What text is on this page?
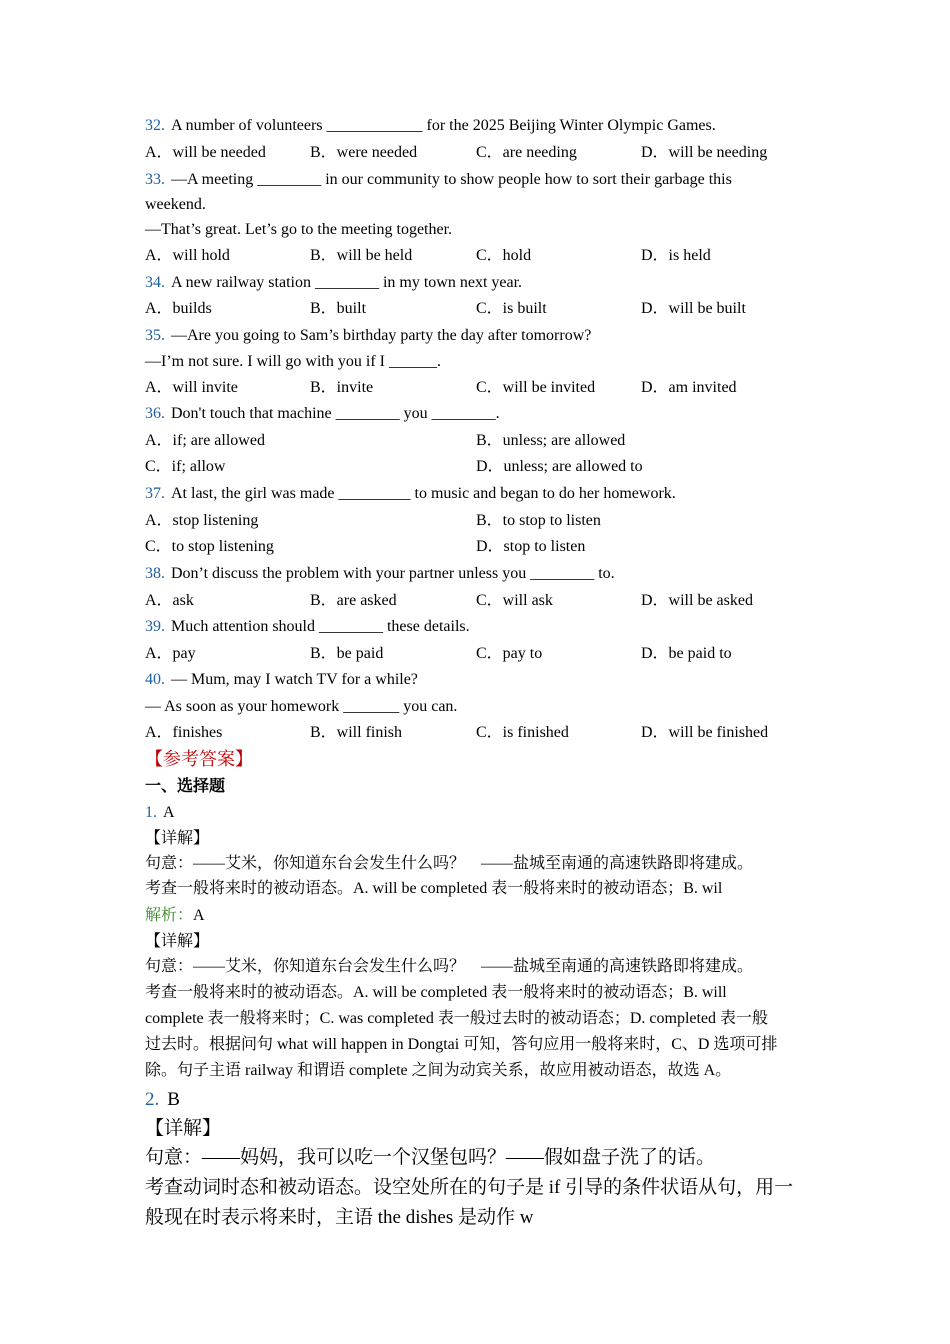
32. A number of volunteers ____________ for the 2025 Beijing Winter Olympic Games.
A．will be needed	B．were needed	C．are needing	D．will be needing
33. —A meeting ________ in our community to show people how to sort their garbage this
weekend.
—That’s great. Let’s go to the meeting together.
A．will hold	B．will be held	C．hold	D．is held
34. A new railway station ________ in my town next year.
A．builds	B．built	C．is built	D．will be built
35. —Are you going to Sam’s birthday party the day after tomorrow?
—I’m not sure. I will go with you if I ______.
A．will invite	B．invite	C．will be invited	D．am invited
36. Don't touch that machine ________ you ________.
A．if; are allowed	B．unless; are allowed
C．if; allow	D．unless; are allowed to
37. At last, the girl was made _________ to music and began to do her homework.
A．stop listening	B．to stop to listen
C．to stop listening	D．stop to listen
38. Don’t discuss the problem with your partner unless you ________ to.
A．ask	B．are asked	C．will ask	D．will be asked
39. Much attention should ________ these details.
A．pay	B．be paid	C．pay to	D．be paid to
40. — Mum, may I watch TV for a while?
— As soon as your homework _______ you can.
A．finishes	B．will finish	C．is finished	D．will be finished
【参考答案】
一、选择题
1. A
【详解】
句意：——艾米，你知道东台会发生什么吗？　——盐城至南通的高速铁路即将建成。
考查一般将来时的被动语态。A. will be completed 表一般将来时的被动语态；B. wil
解析：A
【详解】
句意：——艾米，你知道东台会发生什么吗？　——盐城至南通的高速铁路即将建成。
考查一般将来时的被动语态。A. will be completed 表一般将来时的被动语态；B. will
complete 表一般将来时；C. was completed 表一般过去时的被动语态；D. completed 表一般
过去时。根据问句 what will happen in Dongtai 可知，答句应用一般将来时，C、D 选项可排
除。句子主语 railway 和谓语 complete 之间为动宾关系，故应用被动语态，故选 A。
2. B
【详解】
句意：——妈妈，我可以吃一个汉堡包吗？——假如盘子洗了的话。
考查动词时态和被动语态。设空处所在的句子是 if 引导的条件状语从句，用一
般现在时表示将来时，主语 the dishes 是动作 w
